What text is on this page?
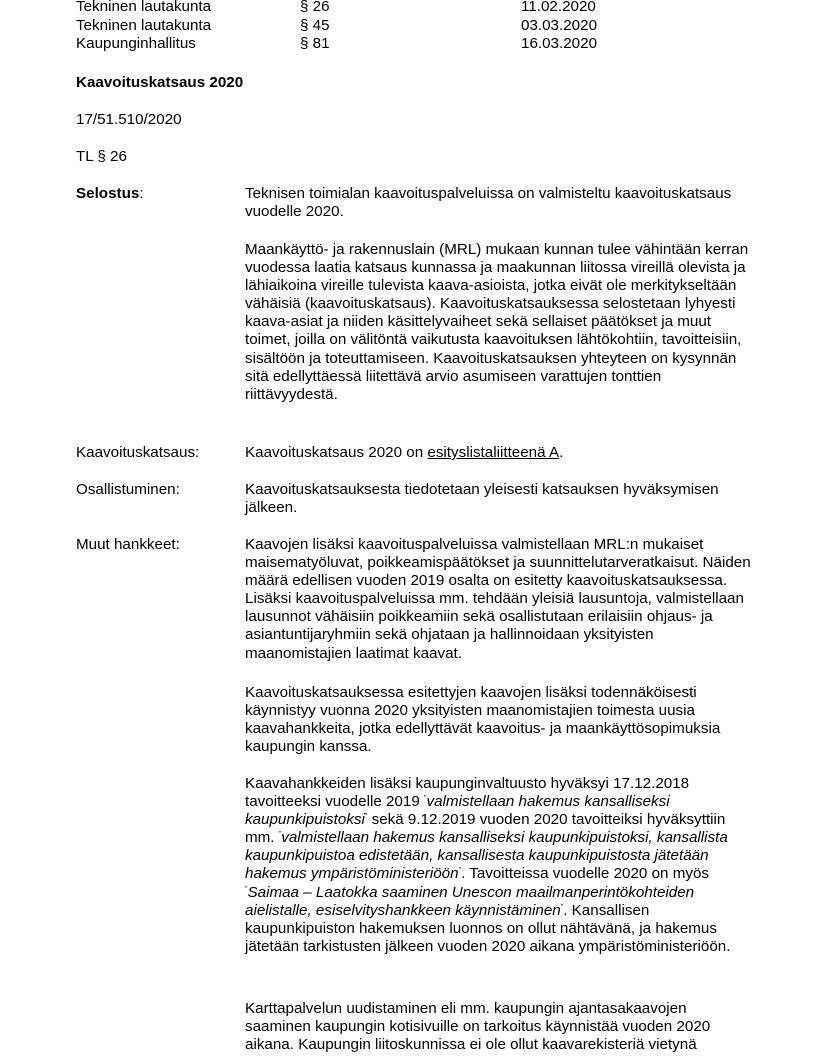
Tekninen lautakunta	§ 26	11.02.2020
Tekninen lautakunta	§ 45	03.03.2020
Kaupunginhallitus	§ 81	16.03.2020
Kaavoituskatsaus 2020
17/51.510/2020
TL § 26
Selostus:	Teknisen toimialan kaavoituspalveluissa on valmisteltu kaavoituskatsaus vuodelle 2020.

Maankäyttö- ja rakennuslain (MRL) mukaan kunnan tulee vähintään kerran vuodessa laatia katsaus kunnassa ja maakunnan liitossa vireillä olevista ja lähiaikoina vireille tulevista kaava-asioista, jotka eivät ole merkitykseltään vähäisiä (kaavoituskatsaus). Kaavoituskatsauksessa selostetaan lyhyesti kaava-asiat ja niiden käsittelyvaiheet sekä sellaiset päätökset ja muut toimet, joilla on välitöntä vaikutusta kaavoituksen lähtökohtiin, tavoitteisiin, sisältöön ja toteuttamiseen. Kaavoituskatsauksen yhteyteen on kysynnän sitä edellyttäessä liitettävä arvio asumiseen varattujen tonttien riittävyydestä.

Kaavoituskatsaus:	Kaavoituskatsaus 2020 on esityslistaliitteenä A.
Osallistuminen:	Kaavoituskatsauksesta tiedotetaan yleisesti katsauksen hyväksymisen jälkeen.
Muut hankkeet:	Kaavojen lisäksi kaavoituspalveluissa valmistellaan MRL:n mukaiset maisematyöluvat, poikkeamispäätökset ja suunnittelutarveratkaisut. Näiden määrä edellisen vuoden 2019 osalta on esitetty kaavoituskatsauksessa. Lisäksi kaavoituspalveluissa mm. tehdään yleisiä lausuntoja, valmistellaan lausunnot vähäisiin poikkeamiin sekä osallistutaan erilaisiin ohjaus- ja asiantuntijaryhmiin sekä ohjataan ja hallinnoidaan yksityisten maanomistajien laatimat kaavat.
Kaavoituskatsauksessa esitettyjen kaavojen lisäksi todennäköisesti käynnistyy vuonna 2020 yksityisten maanomistajien toimesta uusia kaavahankkeita, jotka edellyttävät kaavoitus- ja maankäyttösopimuksia kaupungin kanssa.
Kaavahankkeiden lisäksi kaupunginvaltuusto hyväksyi 17.12.2018 tavoitteeksi vuodelle 2019 "valmistellaan hakemus kansalliseksi kaupunkipuistoksi" sekä 9.12.2019 vuoden 2020 tavoitteiksi hyväksyttiin mm. "valmistellaan hakemus kansalliseksi kaupunkipuistoksi, kansallista kaupunkipuistoa edistetään, kansallisesta kaupunkipuistosta jätetään hakemus ympäristöministeriöön". Tavoitteissa vuodelle 2020 on myös "Saimaa – Laatokka saaminen Unescon maailmanperintökohteiden aielistalle, esiselvityshankkeen käynnistäminen". Kansallisen kaupunkipuiston hakemuksen luonnos on ollut nähtävänä, ja hakemus jätetään tarkistusten jälkeen vuoden 2020 aikana ympäristöministeriöön.
Karttapalvelun uudistaminen eli mm. kaupungin ajantasakaavojen saaminen kaupungin kotisivuille on tarkoitus käynnistää vuoden 2020 aikana. Kaupungin liitoskunnissa ei ole ollut kaavarekisteriä vietynä
